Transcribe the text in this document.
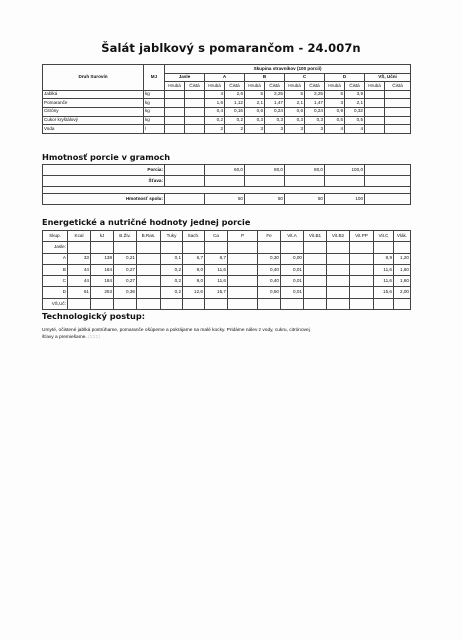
Šalát jablkový s pomarančom - 24.007n
Druh Surovín	MJ	Skupina stravníkov (100 porcií)											
		Jasle		A		B		C		D		VŠ, Učni	
		Hrubá	Čistá	Hrubá	Čistá	Hrubá	Čistá	Hrubá	Čistá	Hrubá	Čistá	Hrubá	Čistá
Jablká	kg			4	2,6	5	3,25	5	3,25	6	3,9		
Pomaranče	kg			1,6	1,12	2,1	1,47	2,1	1,47	3	2,1		
Citróny	kg			0,4	0,16	0,6	0,24	0,6	0,24	0,9	0,32		
Cukor kryštálový	kg			0,2	0,2	0,3	0,3	0,3	0,3	0,5	0,5		
Voda	l			2	2	3	3	3	3	4	4		
Hmotnosť porcie v gramoch
Porcia:		60,0	80,0	80,0	100,0	
Šťava:						

Hmotnosť spolu:		60	80	80	100	
Energetické a nutričné hodnoty jednej porcie
Skup.	Kcal	kJ	B.Živ.	B.Ras.	Tuky	Sach.	Ca	P	Fe	Vit.A	Vit.B1	Vit.B2	Vit.PP	Vit.C	Vlák.
Jasle:															
A	33	138	0,21		0,1	6,7	8,7		0,30	0,00				8,9	1,20
B	44	184	0,27		0,2	9,0	11,6		0,40	0,01				11,6	1,60
C	44	184	0,27		0,2	9,0	11,6		0,40	0,01				11,6	1,60
D	61	253	0,36		0,2	12,6	15,7		0,50	0,01				15,6	2,00
VŠ,Uč:															
Technologický postup:
Umyté, očistené jablká postrúhame, pomaranče ošúpeme a pokrájame na malé kocky. Pridáme nálev z vody, cukru, citrónovej
šťavy a premiešame. (ΣΣΣ)
